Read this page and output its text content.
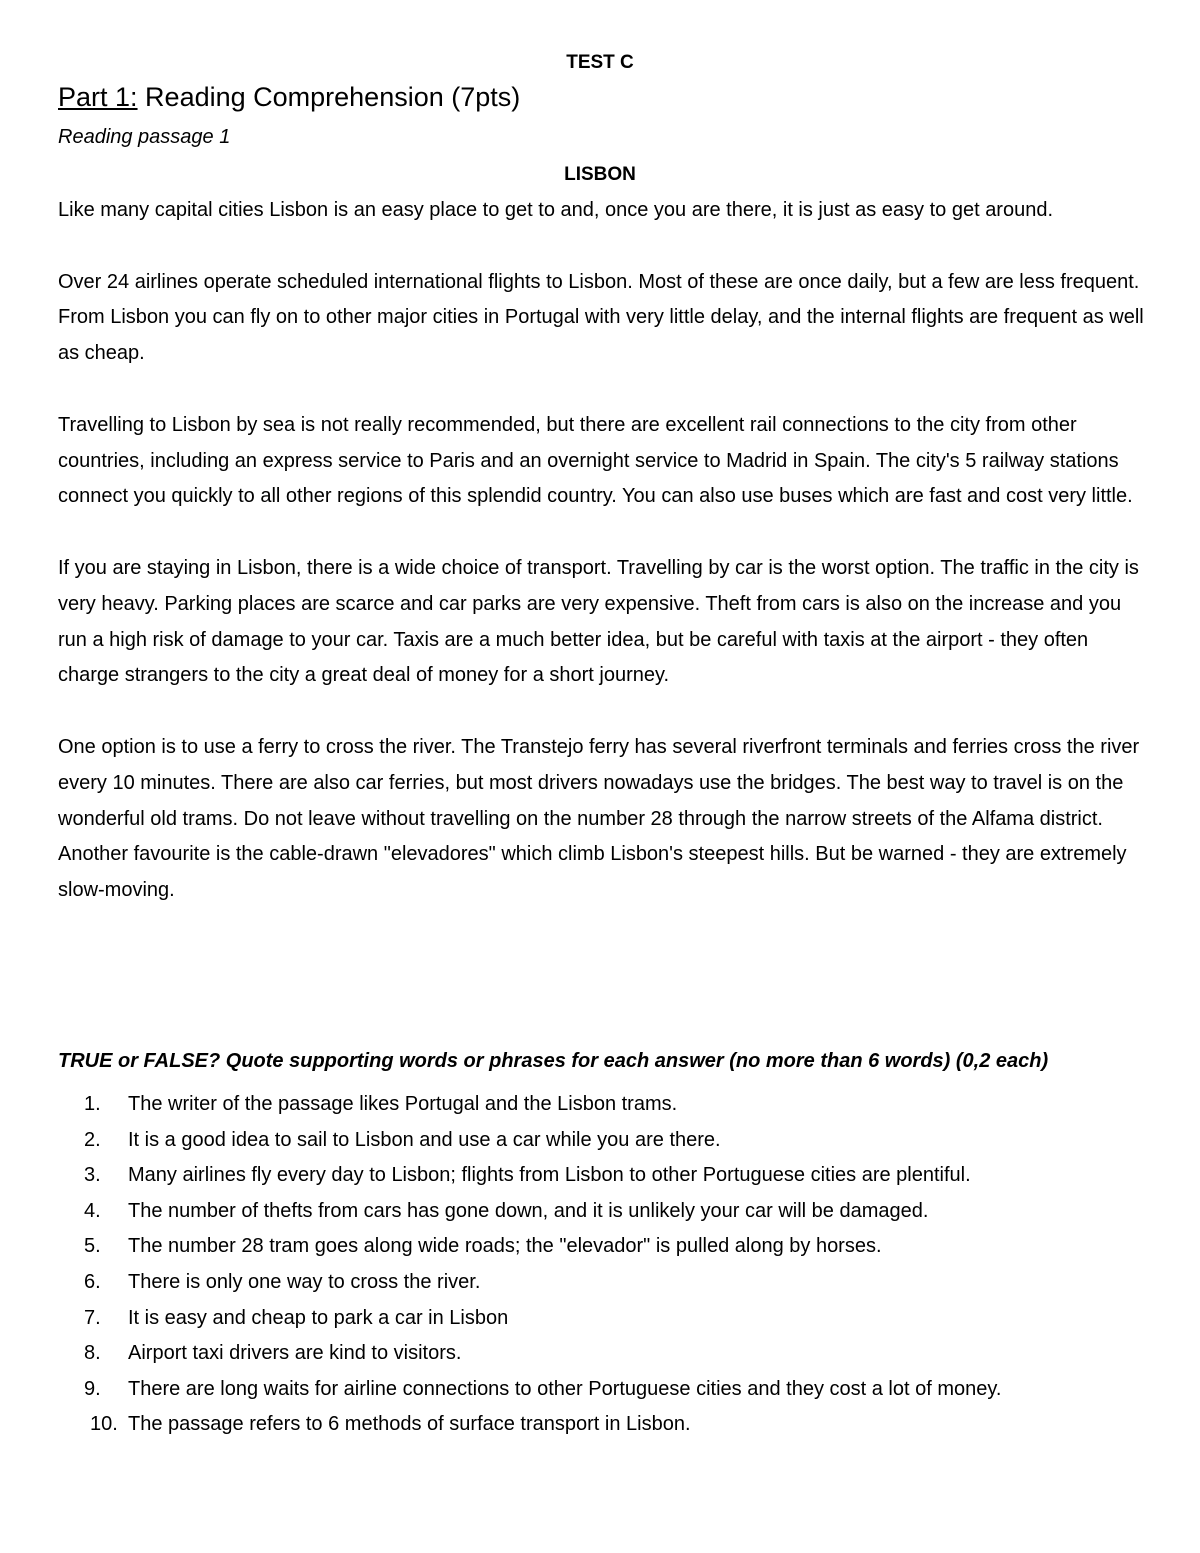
TEST C
Part 1: Reading Comprehension (7pts)
Reading passage 1
LISBON

Like many capital cities Lisbon is an easy place to get to and, once you are there, it is just as easy to get around.

Over 24 airlines operate scheduled international flights to Lisbon. Most of these are once daily, but a few are less frequent. From Lisbon you can fly on to other major cities in Portugal with very little delay, and the internal flights are frequent as well as cheap.

Travelling to Lisbon by sea is not really recommended, but there are excellent rail connections to the city from other countries, including an express service to Paris and an overnight service to Madrid in Spain. The city's 5 railway stations connect you quickly to all other regions of this splendid country. You can also use buses which are fast and cost very little.

If you are staying in Lisbon, there is a wide choice of transport. Travelling by car is the worst option. The traffic in the city is very heavy. Parking places are scarce and car parks are very expensive. Theft from cars is also on the increase and you run a high risk of damage to your car. Taxis are a much better idea, but be careful with taxis at the airport - they often charge strangers to the city a great deal of money for a short journey.

One option is to use a ferry to cross the river. The Transtejo ferry has several riverfront terminals and ferries cross the river every 10 minutes. There are also car ferries, but most drivers nowadays use the bridges. The best way to travel is on the wonderful old trams. Do not leave without travelling on the number 28 through the narrow streets of the Alfama district. Another favourite is the cable-drawn "elevadores" which climb Lisbon's steepest hills. But be warned - they are extremely slow-moving.

TRUE or FALSE? Quote supporting words or phrases for each answer (no more than 6 words) (0,2 each)
1.	The writer of the passage likes Portugal and the Lisbon trams.
2.	It is a good idea to sail to Lisbon and use a car while you are there.
3.	Many airlines fly every day to Lisbon; flights from Lisbon to other Portuguese cities are plentiful.
4.	The number of thefts from cars has gone down, and it is unlikely your car will be damaged.
5.	The number 28 tram goes along wide roads; the "elevador" is pulled along by horses.
6.	There is only one way to cross the river.
7.	It is easy and cheap to park a car in Lisbon
8.	Airport taxi drivers are kind to visitors.
9.	There are long waits for airline connections to other Portuguese cities and they cost a lot of money.
10. The passage refers to 6 methods of surface transport in Lisbon.
